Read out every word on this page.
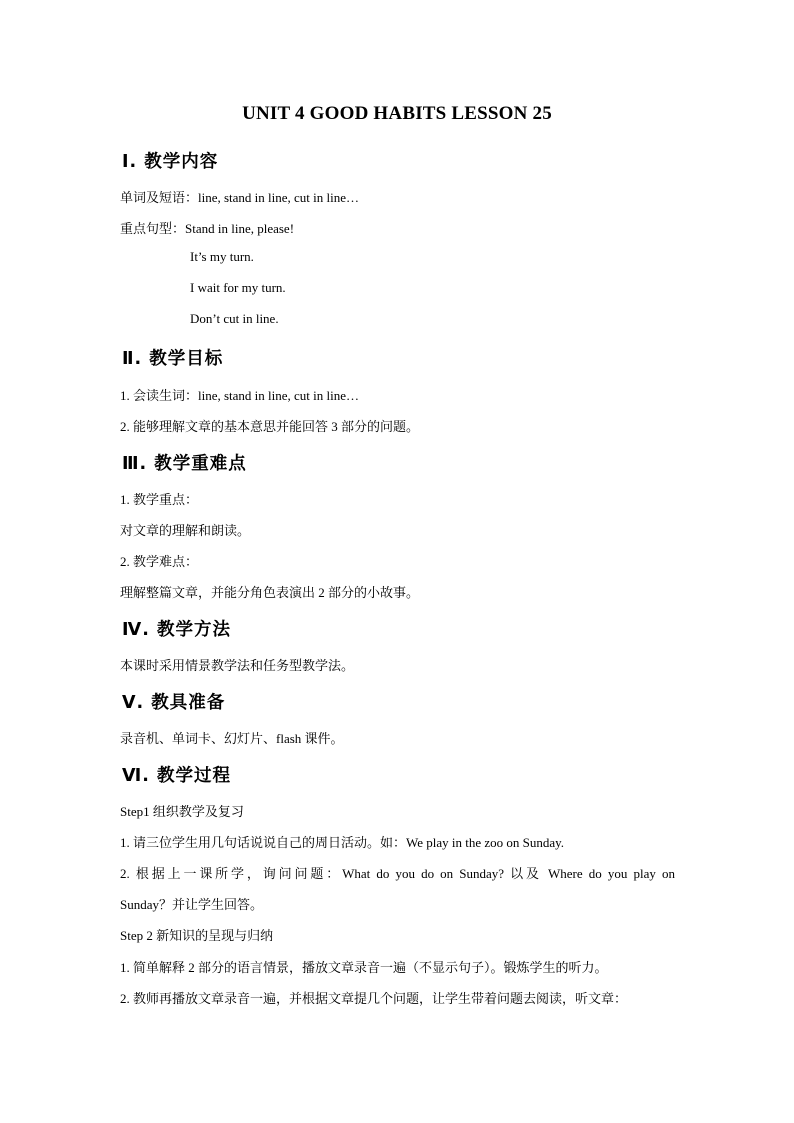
UNIT 4 GOOD HABITS LESSON 25
Ⅰ. 教学内容
单词及短语：line, stand in line, cut in line…
重点句型：Stand in line, please!
It’s my turn.
I wait for my turn.
Don’t cut in line.
Ⅱ. 教学目标
1. 会读生词：line, stand in line, cut in line…
2. 能够理解文章的基本意思并能回答 3 部分的问题。
Ⅲ. 教学重难点
1. 教学重点：
对文章的理解和朗读。
2. 教学难点：
理解整篇文章，并能分角色表演出 2 部分的小故事。
Ⅳ. 教学方法
本课时采用情景教学法和任务型教学法。
Ⅴ. 教具准备
录音机、单词卡、幻灯片、flash 课件。
Ⅵ. 教学过程
Step1 组织教学及复习
1. 请三位学生用几句话说说自己的周日活动。如：We play in the zoo on Sunday.
2. 根据上一课所学，询问问题：What do you do on Sunday? 以及 Where do you play on
Sunday？并让学生回答。
Step 2 新知识的呈现与归纳
1. 简单解释 2 部分的语言情景，播放文章录音一遍（不显示句子）。锻炼学生的听力。
2. 教师再播放文章录音一遍，并根据文章提几个问题，让学生带着问题去阅读，听文章：
